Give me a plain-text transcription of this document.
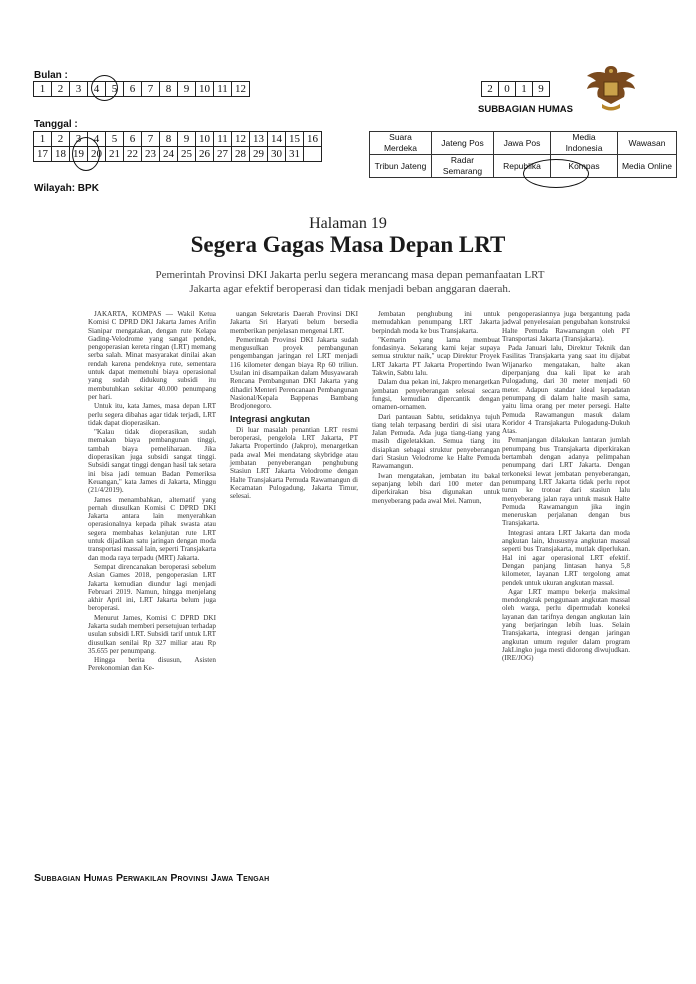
Bulan :
1	2	3	4	5	6	7	8	9	10	11	12	2	0	1	9
SUBBAGIAN HUMAS
Tanggal :
1	2	3	4	5	6	7	8	9	10	11	12	13	14	15	16
17	18	19	20	21	22	23	24	25	26	27	28	29	30	31	
Suara Merdeka	Jateng Pos	Jawa Pos	Media Indonesia	Wawasan
Tribun Jateng	Radar Semarang	Republika	Kompas	Media Online
Wilayah: BPK
Halaman 19
Segera Gagas Masa Depan LRT
Pemerintah Provinsi DKI Jakarta perlu segera merancang masa depan pemanfaatan LRT Jakarta agar efektif beroperasi dan tidak menjadi beban anggaran daerah.

JAKARTA, KOMPAS — Wakil Ketua Komisi C DPRD DKI Jakarta James Arifin Sianipar mengatakan, dengan rute Kelapa Gading-Velodrome yang sangat pendek, pengoperasian kereta ringan (LRT) memang serba salah. Minat masyarakat dinilai akan rendah karena pendeknya rute, sementara untuk dapat memenuhi biaya operasional yang sudah didukung subsidi itu membutuhkan sekitar 40.000 penumpang per hari.

Untuk itu, kata James, masa depan LRT perlu segera dibahas agar tidak terjadi, LRT tidak dapat dioperasikan.

"Kalau tidak dioperasikan, sudah memakan biaya pembangunan tinggi, tambah biaya pemeliharaan. Jika dioperasikan juga subsidi sangat tinggi. Subsidi sangat tinggi dengan hasil tak setara ini bisa jadi temuan Badan Pemeriksa Keuangan," kata James di Jakarta, Minggu (21/4/2019).

James menambahkan, alternatif yang pernah diusulkan Komisi C DPRD DKI Jakarta antara lain menyerahkan operasionalnya kepada pihak swasta atau segera membahas kelanjutan rute LRT untuk dijadikan satu jaringan dengan moda transportasi massal lain, seperti Transjakarta dan moda raya terpadu (MRT) Jakarta.

Sempat direncanakan beroperasi sebelum Asian Games 2018, pengoperasian LRT Jakarta kemudian diundur lagi menjadi Februari 2019. Namun, hingga menjelang akhir April ini, LRT Jakarta belum juga beroperasi.

Menurut James, Komisi C DPRD DKI Jakarta sudah memberi persetujuan terhadap usulan subsidi LRT. Subsidi tarif untuk LRT diusulkan senilai Rp 327 miliar atau Rp 35.655 per penumpang.

Hingga berita disusun, Asisten Perekonomian dan Ke-

uangan Sekretaris Daerah Provinsi DKI Jakarta Sri Haryati belum bersedia memberikan penjelasan mengenai LRT.

Pemerintah Provinsi DKI Jakarta sudah mengusulkan proyek pembangunan pengembangan jaringan rel LRT menjadi 116 kilometer dengan biaya Rp 60 triliun. Usulan ini disampaikan dalam Musyawarah Rencana Pembangunan DKI Jakarta yang dihadiri Menteri Perencanaan Pembangunan Nasional/Kepala Bappenas Bambang Brodjonegoro.

Integrasi angkutan

Di luar masalah penantian LRT resmi beroperasi, pengelola LRT Jakarta, PT Jakarta Propertindo (Jakpro), menargetkan pada awal Mei mendatang skybridge atau jembatan penyeberangan penghubung Stasiun LRT Jakarta Velodrome dengan Halte Transjakarta Pemuda Rawamangun di Kecamatan Pulogadung, Jakarta Timur, selesai.

Jembatan penghubung ini untuk memudahkan penumpang LRT Jakarta berpindah moda ke bus Transjakarta.

"Kemarin yang lama membuat fondasinya. Sekarang kami kejar supaya semua struktur naik," ucap Direktur Proyek LRT Jakarta PT Jakarta Propertindo Iwan Takwin, Sabtu lalu.

Dalam dua pekan ini, Jakpro menargetkan jembatan penyeberangan selesai secara fungsi, kemudian dipercantik dengan ornamen-ornamen.

Dari pantauan Sabtu, setidaknya tujuh tiang telah terpasang berdiri di sisi utara Jalan Pemuda. Ada juga tiang-tiang yang masih digeletakkan. Semua tiang itu disiapkan sebagai struktur penyeberangan dari Stasiun Velodrome ke Halte Pemuda Rawamangun.

Iwan mengatakan, jembatan itu bakal sepanjang lebih dari 100 meter dan diperkirakan bisa digunakan untuk menyeberang pada awal Mei. Namun,

pengoperasiannya juga bergantung pada jadwal penyelesaian pengubahan konstruksi Halte Pemuda Rawamangun oleh PT Transportasi Jakarta (Transjakarta).

Pada Januari lalu, Direktur Teknik dan Fasilitas Transjakarta yang saat itu dijabat Wijanarko mengatakan, halte akan diperpanjang dua kali lipat ke arah Pulogadung, dari 30 meter menjadi 60 meter. Adapun standar ideal kepadatan penumpang di dalam halte masih sama, yaitu lima orang per meter persegi. Halte Pemuda Rawamangun masuk dalam Koridor 4 Transjakarta Pulogadung-Dukuh Atas.

Pemanjangan dilakukan lantaran jumlah penumpang bus Transjakarta diperkirakan bertambah dengan adanya pelimpahan penumpang dari LRT Jakarta. Dengan terkoneksi lewat jembatan penyeberangan, penumpang LRT Jakarta tidak perlu repot turun ke trotoar dari stasiun lalu menyeberang jalan raya untuk masuk Halte Pemuda Rawamangun jika ingin meneruskan perjalanan dengan bus Transjakarta.

Integrasi antara LRT Jakarta dan moda angkutan lain, khususnya angkutan massal seperti bus Transjakarta, mutlak diperlukan. Hal ini agar operasional LRT efektif. Dengan panjang lintasan hanya 5,8 kilometer, layanan LRT tergolong amat pendek untuk ukuran angkutan massal.

Agar LRT mampu bekerja maksimal mendongkrak penggunaan angkutan massal oleh warga, perlu dipermudah koneksi layanan dan tarifnya dengan angkutan lain yang berjaringan lebih luas. Selain Transjakarta, integrasi dengan jaringan angkutan umum reguler dalam program JakLingko juga mesti didorong diwujudkan. (IRE/JOG)

Subbagian Humas Perwakilan Provinsi Jawa Tengah
